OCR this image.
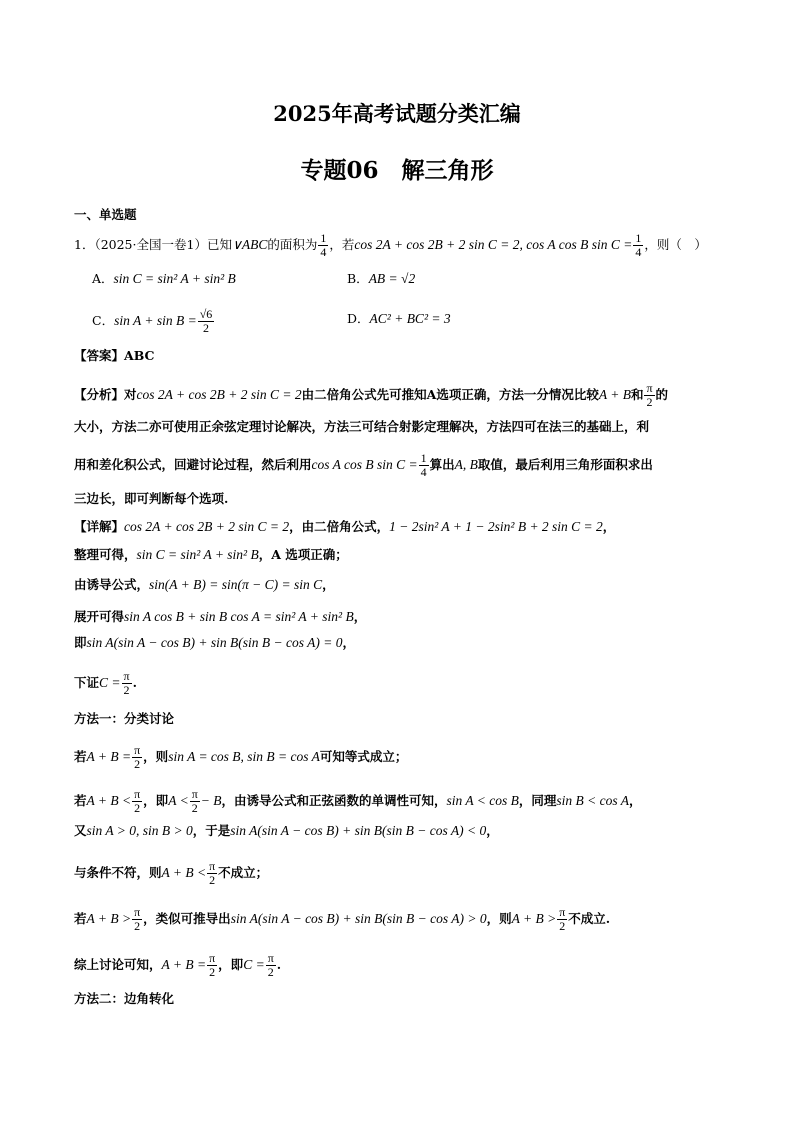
2025年高考试题分类汇编
专题06　解三角形
一、单选题
1．（2025·全国一卷1）已知∨ABC的面积为 $\frac{1}{4}$ ，若cos 2A + cos 2B + 2 sin C = 2, cos A cos B $\sin C = \frac{1}{4}$ ，则（　）
A．sin C = sin² A + sin² B	B．AB = √2
C．$\sin A + \sin B = \frac{√6}{2}$	D．AC² + BC² = 3
【答案】ABC
【分析】对cos 2A + cos 2B + 2 sin C = 2由二倍角公式先可推知A选项正确，方法一分情况比较A + B和 $\frac{\pi}{2}$ 的
大小，方法二亦可使用正余弦定理讨论解决，方法三可结合射影定理解决，方法四可在法三的基础上，利
用和差化积公式，回避讨论过程，然后利用cos A cos B $\sin C = \frac{1}{4}$ 算出A, B取值，最后利用三角形面积求出
三边长，即可判断每个选项.
【详解】cos 2A + cos 2B + 2 sin C = 2，由二倍角公式，1 − 2sin² A + 1 − 2sin² B + 2 sin C = 2，
整理可得，sin C = sin² A + sin² B，A 选项正确；
由诱导公式，sin(A + B) = sin(π − C) = sin C，
展开可得sin A cos B + sin B cos A = sin² A + sin² B，
即sin A(sin A − cos B) + sin B(sin B − cos A) = 0，
下证$C = \frac{\pi}{2}$ .
方法一：分类讨论
若$A + B = \frac{\pi}{2}$ ，则sin A = cos B, sin B = cos A可知等式成立；
若$A + B < \frac{\pi}{2}$ ，即$A < \frac{\pi}{2} - B$，由诱导公式和正弦函数的单调性可知，sin A < cos B，同理sin B < cos A，
又sin A > 0, sin B > 0，于是sin A(sin A − cos B) + sin B(sin B − cos A) < 0，
与条件不符，则$A + B < \frac{\pi}{2}$ 不成立；
若$A + B > \frac{\pi}{2}$ ，类似可推导出sin A(sin A − cos B) + sin B(sin B − cos A) > 0，则$A + B > \frac{\pi}{2}$ 不成立.
综上讨论可知，$A + B = \frac{\pi}{2}$ ，即$C = \frac{\pi}{2}$ .
方法二：边角转化
